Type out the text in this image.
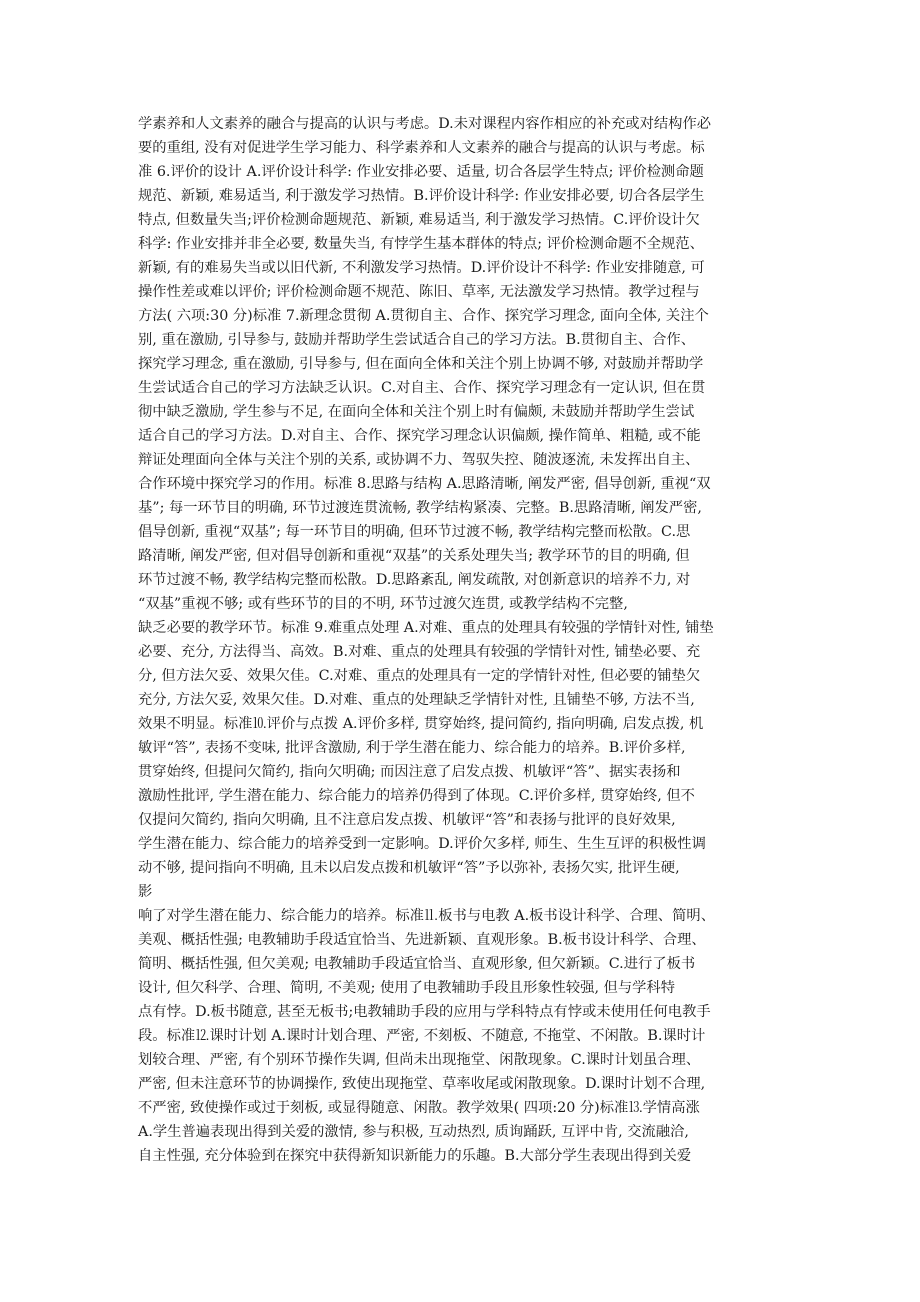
学素养和人文素养的融合与提高的认识与考虑。D.未对课程内容作相应的补充或对结构作必
要的重组, 没有对促进学生学习能力、科学素养和人文素养的融合与提高的认识与考虑。标
准 6.评价的设计 A.评价设计科学: 作业安排必要、适量, 切合各层学生特点; 评价检测命题
规范、新颖, 难易适当, 利于激发学习热情。B.评价设计科学: 作业安排必要, 切合各层学生
特点, 但数量失当;评价检测命题规范、新颖, 难易适当, 利于激发学习热情。C.评价设计欠
科学: 作业安排并非全必要, 数量失当, 有悖学生基本群体的特点; 评价检测命题不全规范、
新颖, 有的难易失当或以旧代新, 不利激发学习热情。D.评价设计不科学: 作业安排随意, 可
操作性差或难以评价; 评价检测命题不规范、陈旧、草率, 无法激发学习热情。教学过程与
方法( 六项:30 分)标准 7.新理念贯彻 A.贯彻自主、合作、探究学习理念, 面向全体, 关注个
别, 重在激励, 引导参与, 鼓励并帮助学生尝试适合自己的学习方法。B.贯彻自主、合作、
探究学习理念, 重在激励, 引导参与, 但在面向全体和关注个别上协调不够, 对鼓励并帮助学
生尝试适合自己的学习方法缺乏认识。C.对自主、合作、探究学习理念有一定认识, 但在贯
彻中缺乏激励, 学生参与不足, 在面向全体和关注个别上时有偏颇, 未鼓励并帮助学生尝试
适合自己的学习方法。D.对自主、合作、探究学习理念认识偏颇, 操作简单、粗糙, 或不能
辩证处理面向全体与关注个别的关系, 或协调不力、驾驭失控、随波逐流, 未发挥出自主、
合作环境中探究学习的作用。标准 8.思路与结构 A.思路清晰, 阐发严密, 倡导创新, 重视“双
基”; 每一环节目的明确, 环节过渡连贯流畅, 教学结构紧凑、完整。B.思路清晰, 阐发严密,
倡导创新, 重视“双基”; 每一环节目的明确, 但环节过渡不畅, 教学结构完整而松散。C.思
路清晰, 阐发严密, 但对倡导创新和重视“双基”的关系处理失当; 教学环节的目的明确, 但
环节过渡不畅, 教学结构完整而松散。D.思路紊乱, 阐发疏散, 对创新意识的培养不力, 对
“双基”重视不够; 或有些环节的目的不明, 环节过渡欠连贯, 或教学结构不完整,
缺乏必要的教学环节。标准 9.难重点处理 A.对难、重点的处理具有较强的学情针对性, 铺垫
必要、充分, 方法得当、高效。B.对难、重点的处理具有较强的学情针对性, 铺垫必要、充
分, 但方法欠妥、效果欠佳。C.对难、重点的处理具有一定的学情针对性, 但必要的铺垫欠
充分, 方法欠妥, 效果欠佳。D.对难、重点的处理缺乏学情针对性, 且铺垫不够, 方法不当,
效果不明显。标准⒑评价与点拨 A.评价多样, 贯穿始终, 提问简约, 指向明确, 启发点拨, 机
敏评“答”, 表扬不变味, 批评含激励, 利于学生潜在能力、综合能力的培养。B.评价多样,
贯穿始终, 但提问欠简约, 指向欠明确; 而因注意了启发点拨、机敏评“答”、据实表扬和
激励性批评, 学生潜在能力、综合能力的培养仍得到了体现。C.评价多样, 贯穿始终, 但不
仅提问欠简约, 指向欠明确, 且不注意启发点拨、机敏评“答”和表扬与批评的良好效果,
学生潜在能力、综合能力的培养受到一定影响。D.评价欠多样, 师生、生生互评的积极性调
动不够, 提问指向不明确, 且未以启发点拨和机敏评“答”予以弥补, 表扬欠实, 批评生硬,
影
响了对学生潜在能力、综合能力的培养。标准⒒板书与电教 A.板书设计科学、合理、简明、
美观、概括性强; 电教辅助手段适宜恰当、先进新颖、直观形象。B.板书设计科学、合理、
简明、概括性强, 但欠美观; 电教辅助手段适宜恰当、直观形象, 但欠新颖。C.进行了板书
设计, 但欠科学、合理、简明, 不美观; 使用了电教辅助手段且形象性较强, 但与学科特
点有悖。D.板书随意, 甚至无板书;电教辅助手段的应用与学科特点有悖或未使用任何电教手
段。标准⒓课时计划 A.课时计划合理、严密, 不刻板、不随意, 不拖堂、不闲散。B.课时计
划较合理、严密, 有个别环节操作失调, 但尚未出现拖堂、闲散现象。C.课时计划虽合理、
严密, 但未注意环节的协调操作, 致使出现拖堂、草率收尾或闲散现象。D.课时计划不合理,
不严密, 致使操作或过于刻板, 或显得随意、闲散。教学效果( 四项:20 分)标准⒔学情高涨
A.学生普遍表现出得到关爱的激情, 参与积极, 互动热烈, 质询踊跃, 互评中肯, 交流融洽,
自主性强, 充分体验到在探究中获得新知识新能力的乐趣。B.大部分学生表现出得到关爱
